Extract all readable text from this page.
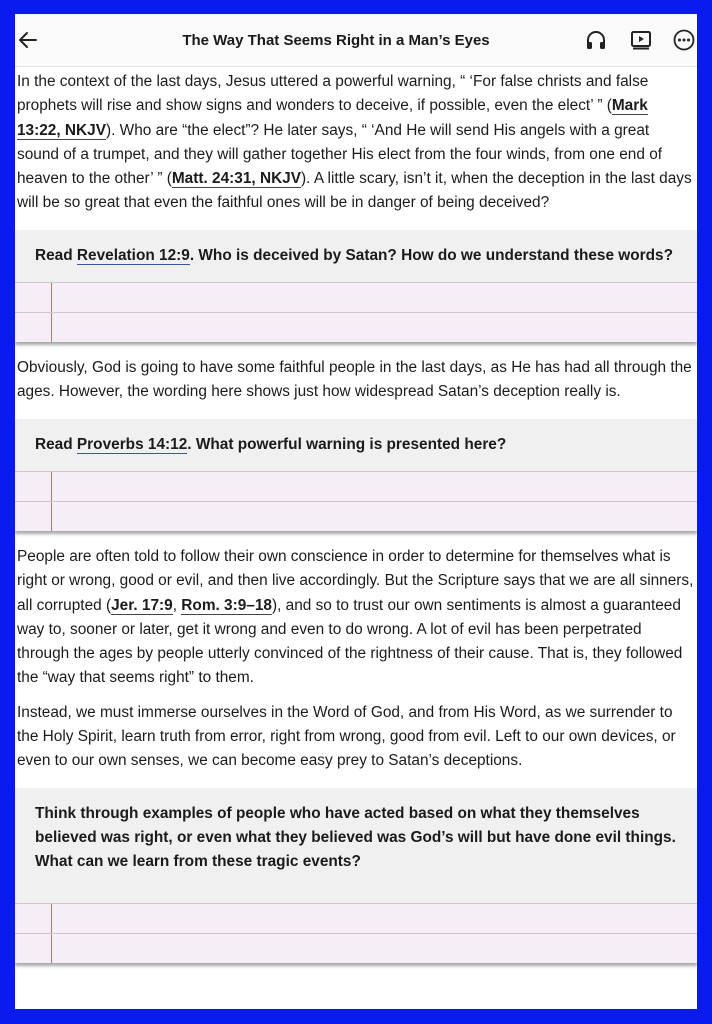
The Way That Seems Right in a Man’s Eyes

In the context of the last days, Jesus uttered a powerful warning, “ ‘For false christs and false prophets will rise and show signs and wonders to deceive, if possible, even the elect’ ” (Mark 13:22, NKJV). Who are “the elect”? He later says, “ ‘And He will send His angels with a great sound of a trumpet, and they will gather together His elect from the four winds, from one end of heaven to the other’ ” (Matt. 24:31, NKJV). A little scary, isn’t it, when the deception in the last days will be so great that even the faithful ones will be in danger of being deceived?

Read Revelation 12:9. Who is deceived by Satan? How do we understand these words?

Obviously, God is going to have some faithful people in the last days, as He has had all through the ages. However, the wording here shows just how widespread Satan’s deception really is.

Read Proverbs 14:12. What powerful warning is presented here?

People are often told to follow their own conscience in order to determine for themselves what is right or wrong, good or evil, and then live accordingly. But the Scripture says that we are all sinners, all corrupted (Jer. 17:9, Rom. 3:9–18), and so to trust our own sentiments is almost a guaranteed way to, sooner or later, get it wrong and even to do wrong. A lot of evil has been perpetrated through the ages by people utterly convinced of the rightness of their cause. That is, they followed the “way that seems right” to them.

Instead, we must immerse ourselves in the Word of God, and from His Word, as we surrender to the Holy Spirit, learn truth from error, right from wrong, good from evil. Left to our own devices, or even to our own senses, we can become easy prey to Satan’s deceptions.

Think through examples of people who have acted based on what they themselves believed was right, or even what they believed was God’s will but have done evil things. What can we learn from these tragic events?
